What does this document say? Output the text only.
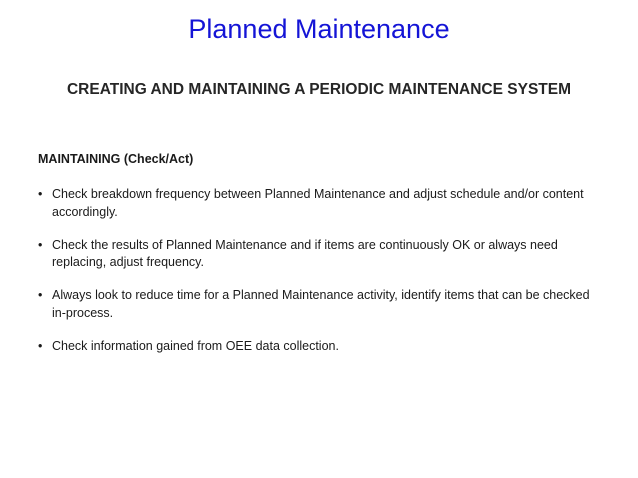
Planned Maintenance
CREATING AND MAINTAINING A PERIODIC MAINTENANCE SYSTEM
MAINTAINING (Check/Act)
• Check breakdown frequency between Planned Maintenance and adjust schedule and/or content accordingly.
• Check the results of Planned Maintenance and if items are continuously OK or always need replacing, adjust frequency.
• Always look to reduce time for a Planned Maintenance activity, identify items that can be checked in-process.
• Check information gained from OEE data collection.
